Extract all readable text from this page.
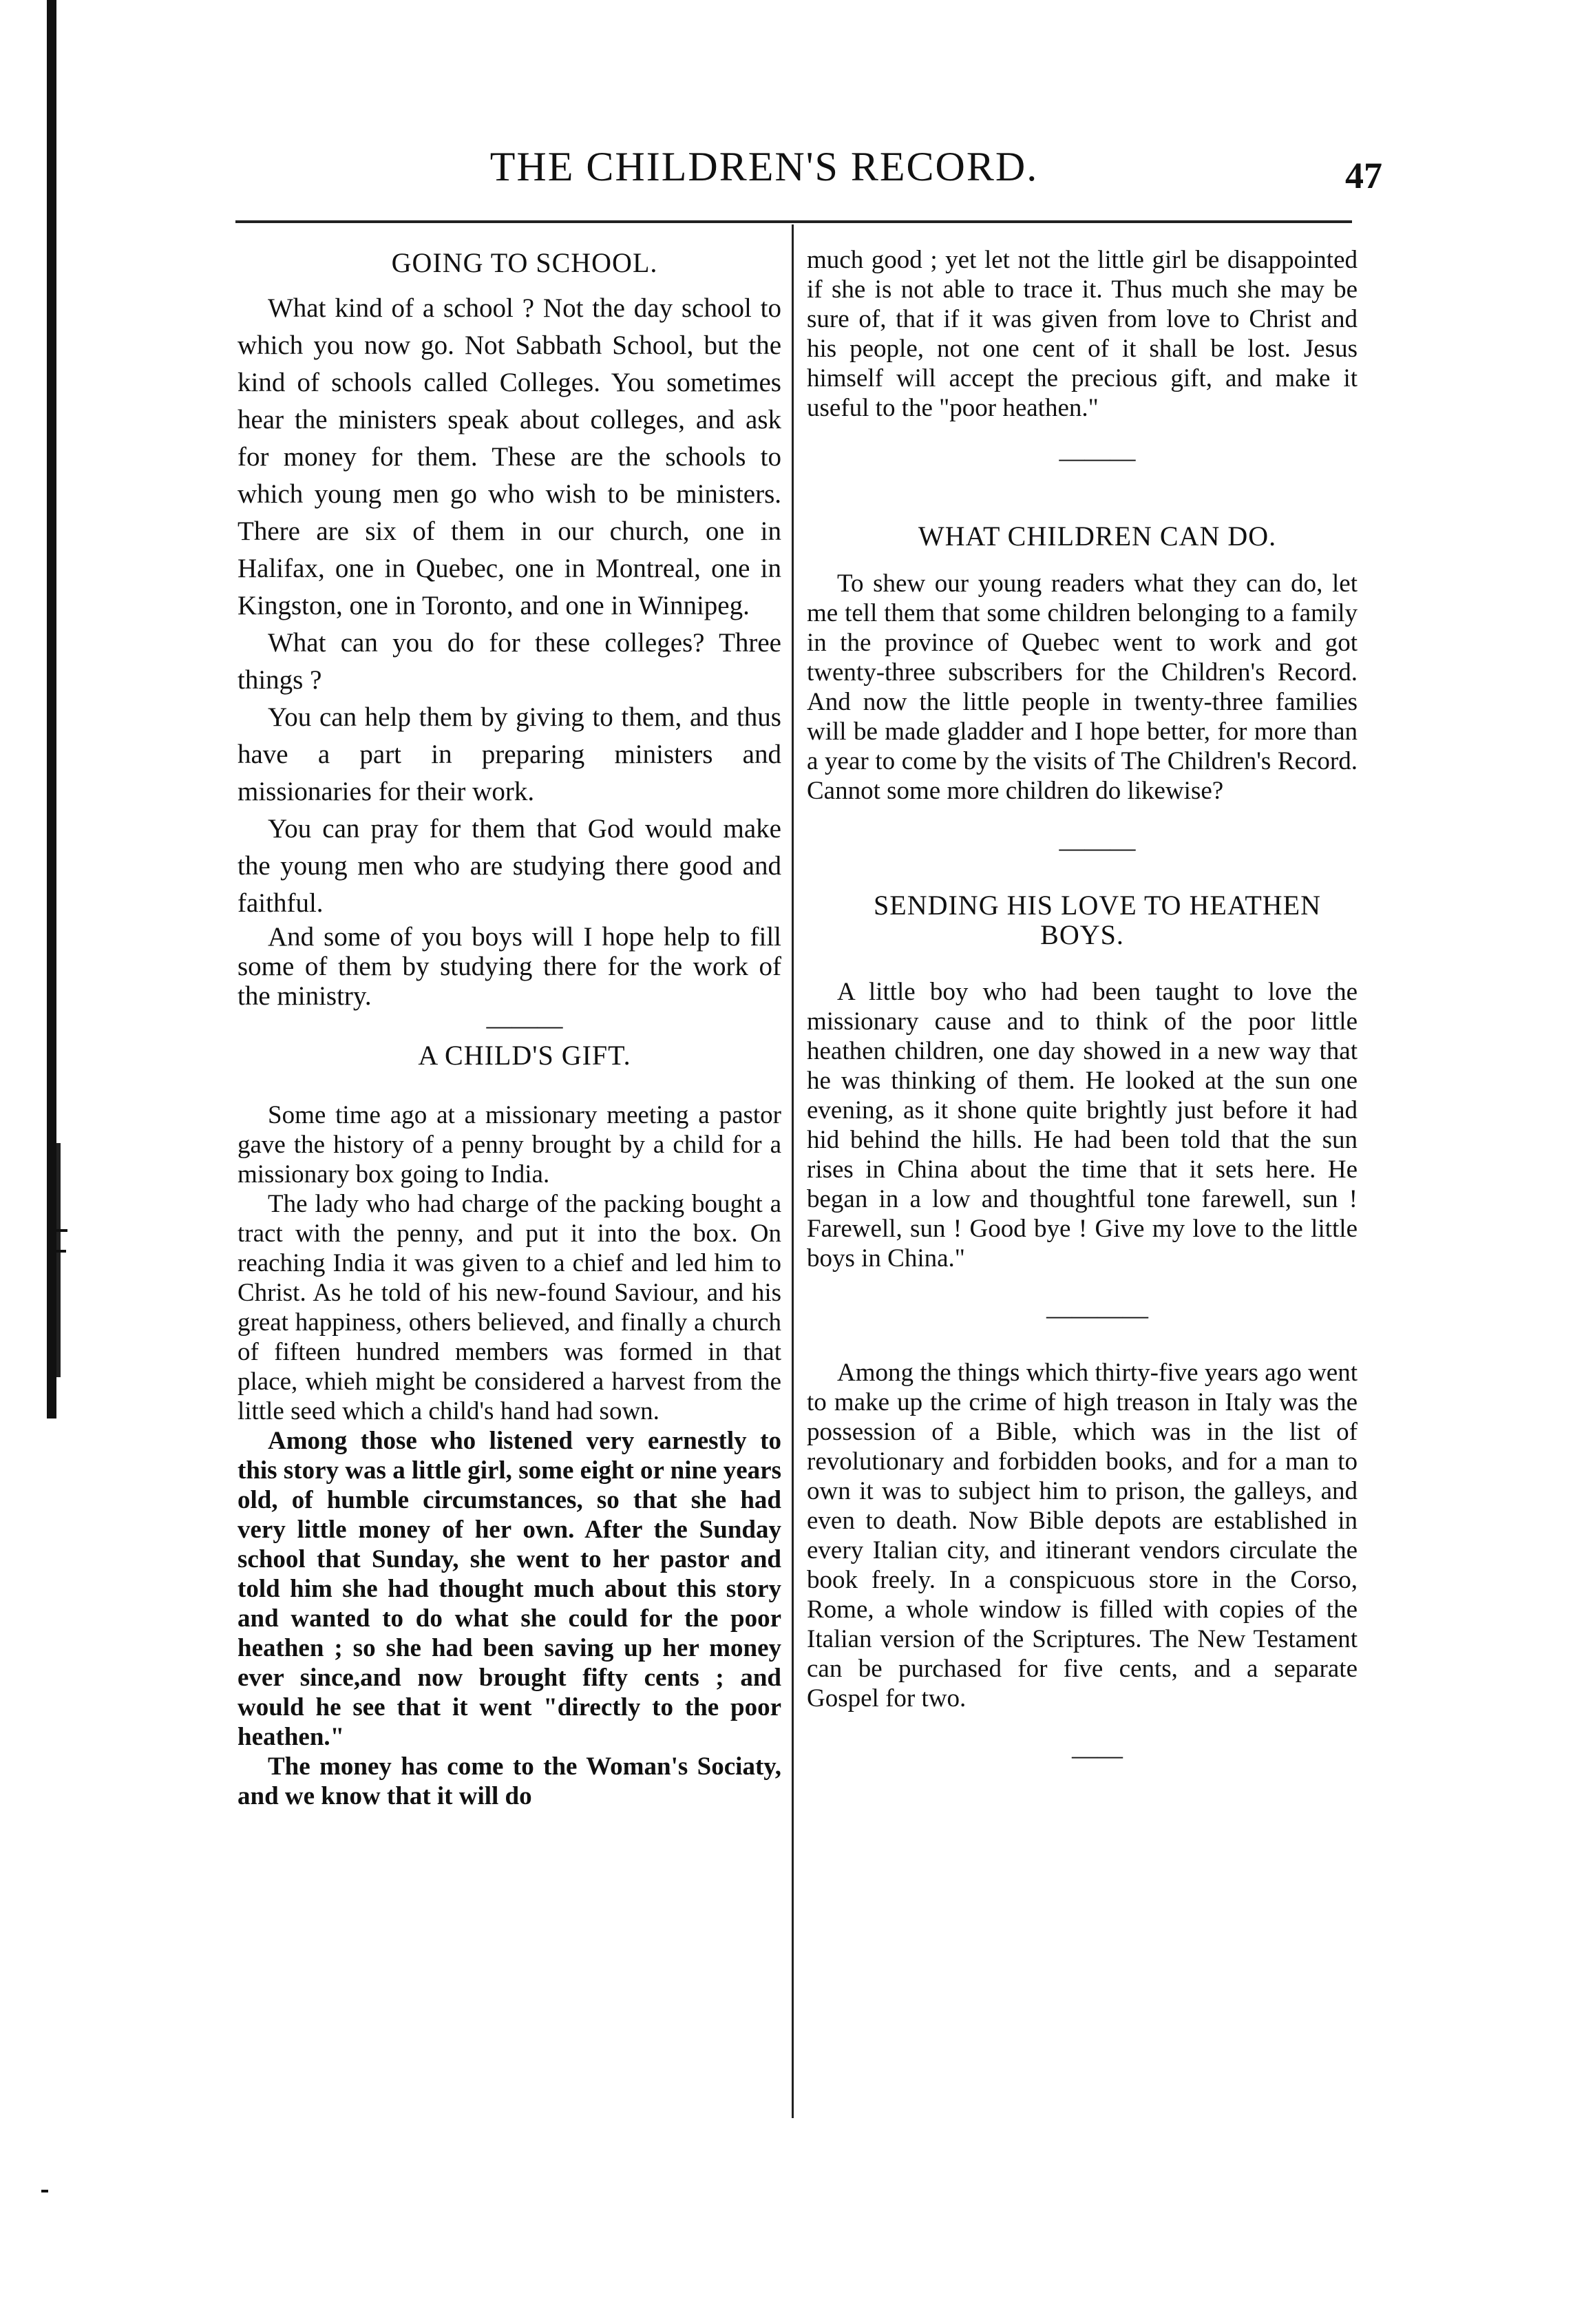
THE CHILDREN'S RECORD.	47

GOING TO SCHOOL.

What kind of a school ? Not the day school to which you now go. Not Sabbath School, but the kind of schools called Colleges. You sometimes hear the ministers speak about colleges, and ask for money for them. These are the schools to which young men go who wish to be ministers. There are six of them in our church, one in Halifax, one in Quebec, one in Montreal, one in Kingston, one in Toronto, and one in Winnipeg.

What can you do for these colleges? Three things ?

You can help them by giving to them, and thus have a part in preparing ministers and missionaries for their work.

You can pray for them that God would make the young men who are studying there good and faithful.

And some of you boys will I hope help to fill some of them by studying there for the work of the ministry.

———

A CHILD'S GIFT.

Some time ago at a missionary meeting a pastor gave the history of a penny brought by a child for a missionary box going to India.

The lady who had charge of the packing bought a tract with the penny, and put it into the box. On reaching India it was given to a chief and led him to Christ. As he told of his new-found Saviour, and his great happiness, others believed, and finally a church of fifteen hundred members was formed in that place, whieh might be considered a harvest from the little seed which a child's hand had sown.

Among those who listened very earnestly to this story was a little girl, some eight or nine years old, of humble circumstances, so that she had very little money of her own. After the Sunday school that Sunday, she went to her pastor and told him she had thought much about this story and wanted to do what she could for the poor heathen ; so she had been saving up her money ever since,and now brought fifty cents ; and would he see that it went "directly to the poor heathen."

The money has come to the Woman's Sociaty, and we know that it will do

much good ; yet let not the little girl be disappointed if she is not able to trace it. Thus much she may be sure of, that if it was given from love to Christ and his people, not one cent of it shall be lost. Jesus himself will accept the precious gift, and make it useful to the "poor heathen."

———

WHAT CHILDREN CAN DO.

To shew our young readers what they can do, let me tell them that some children belonging to a family in the province of Quebec went to work and got twenty-three subscribers for the Children's Record. And now the little people in twenty-three families will be made gladder and I hope better, for more than a year to come by the visits of The Children's Record. Cannot some more children do likewise?

———

SENDING HIS LOVE TO HEATHEN BOYS.

A little boy who had been taught to love the missionary cause and to think of the poor little heathen children, one day showed in a new way that he was thinking of them. He looked at the sun one evening, as it shone quite brightly just before it had hid behind the hills. He had been told that the sun rises in China about the time that it sets here. He began in a low and thoughtful tone farewell, sun ! Farewell, sun ! Good bye ! Give my love to the little boys in China."

————

Among the things which thirty-five years ago went to make up the crime of high treason in Italy was the possession of a Bible, which was in the list of revolutionary and forbidden books, and for a man to own it was to subject him to prison, the galleys, and even to death. Now Bible depots are established in every Italian city, and itinerant vendors circulate the book freely. In a conspicuous store in the Corso, Rome, a whole window is filled with copies of the Italian version of the Scriptures. The New Testament can be purchased for five cents, and a separate Gospel for two.

——
